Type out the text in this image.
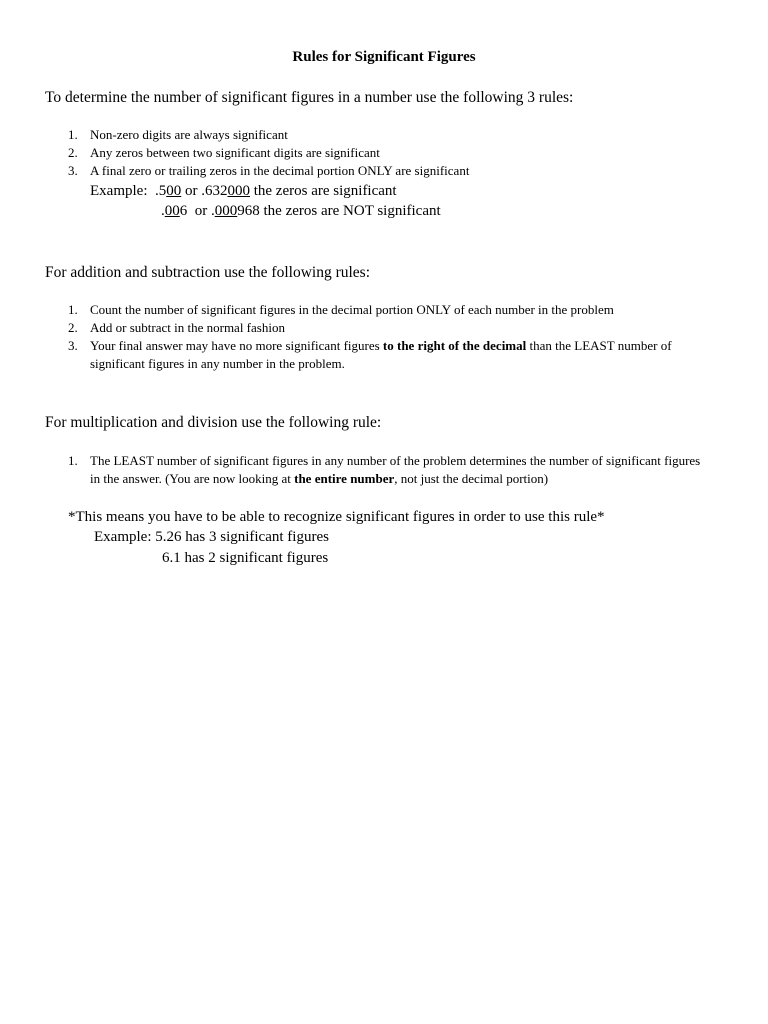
Rules for Significant Figures
To determine the number of significant figures in a number use the following 3 rules:
1. Non-zero digits are always significant
2. Any zeros between two significant digits are significant
3. A final zero or trailing zeros in the decimal portion ONLY are significant
Example: .500 or .632000 the zeros are significant
.006 or .000968 the zeros are NOT significant
For addition and subtraction use the following rules:
1. Count the number of significant figures in the decimal portion ONLY of each number in the problem
2. Add or subtract in the normal fashion
3. Your final answer may have no more significant figures to the right of the decimal than the LEAST number of significant figures in any number in the problem.
For multiplication and division use the following rule:
1. The LEAST number of significant figures in any number of the problem determines the number of significant figures in the answer. (You are now looking at the entire number, not just the decimal portion)
*This means you have to be able to recognize significant figures in order to use this rule*
Example: 5.26 has 3 significant figures
6.1 has 2 significant figures
